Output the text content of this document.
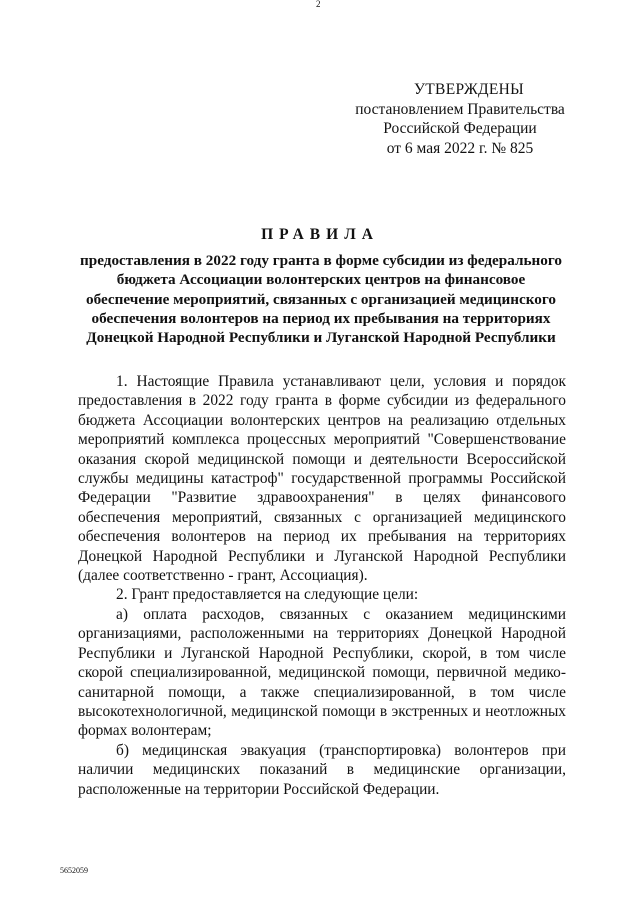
2
УТВЕРЖДЕНЫ
постановлением Правительства
Российской Федерации
от 6 мая 2022 г. № 825
ПРАВИЛА
предоставления в 2022 году гранта в форме субсидии из федерального бюджета Ассоциации волонтерских центров на финансовое обеспечение мероприятий, связанных с организацией медицинского обеспечения волонтеров на период их пребывания на территориях Донецкой Народной Республики и Луганской Народной Республики

1. Настоящие Правила устанавливают цели, условия и порядок предоставления в 2022 году гранта в форме субсидии из федерального бюджета Ассоциации волонтерских центров на реализацию отдельных мероприятий комплекса процессных мероприятий "Совершенствование оказания скорой медицинской помощи и деятельности Всероссийской службы медицины катастроф" государственной программы Российской Федерации "Развитие здравоохранения" в целях финансового обеспечения мероприятий, связанных с организацией медицинского обеспечения волонтеров на период их пребывания на территориях Донецкой Народной Республики и Луганской Народной Республики (далее соответственно - грант, Ассоциация).

2. Грант предоставляется на следующие цели:

а) оплата расходов, связанных с оказанием медицинскими организациями, расположенными на территориях Донецкой Народной Республики и Луганской Народной Республики, скорой, в том числе скорой специализированной, медицинской помощи, первичной медико-санитарной помощи, а также специализированной, в том числе высокотехнологичной, медицинской помощи в экстренных и неотложных формах волонтерам;

б) медицинская эвакуация (транспортировка) волонтеров при наличии медицинских показаний в медицинские организации, расположенные на территории Российской Федерации.

5652059
